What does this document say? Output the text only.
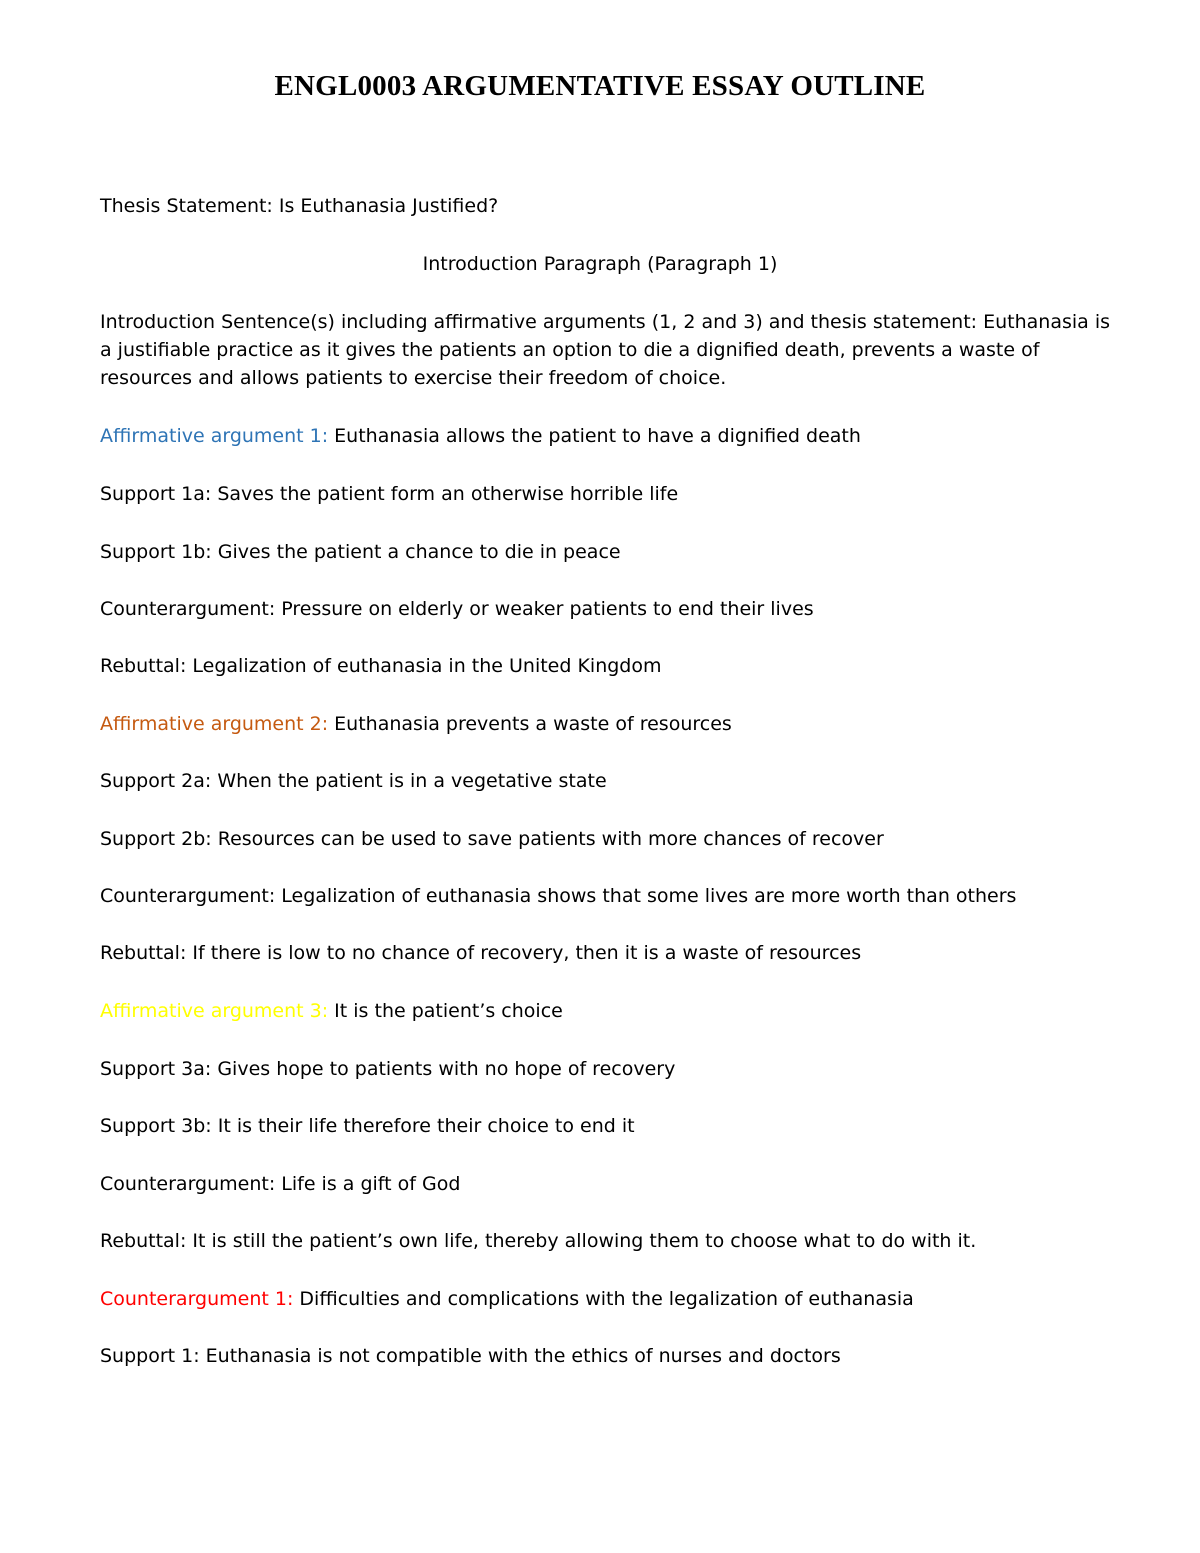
ENGL0003 ARGUMENTATIVE ESSAY OUTLINE
Thesis Statement: Is Euthanasia Justified?
Introduction Paragraph (Paragraph 1)
Introduction Sentence(s) including affirmative arguments (1, 2 and 3) and thesis statement: Euthanasia is a justifiable practice as it gives the patients an option to die a dignified death, prevents a waste of resources and allows patients to exercise their freedom of choice.
Affirmative argument 1: Euthanasia allows the patient to have a dignified death
Support 1a: Saves the patient form an otherwise horrible life
Support 1b: Gives the patient a chance to die in peace
Counterargument: Pressure on elderly or weaker patients to end their lives
Rebuttal: Legalization of euthanasia in the United Kingdom
Affirmative argument 2: Euthanasia prevents a waste of resources
Support 2a: When the patient is in a vegetative state
Support 2b: Resources can be used to save patients with more chances of recover
Counterargument: Legalization of euthanasia shows that some lives are more worth than others
Rebuttal: If there is low to no chance of recovery, then it is a waste of resources
Affirmative argument 3: It is the patient’s choice
Support 3a: Gives hope to patients with no hope of recovery
Support 3b: It is their life therefore their choice to end it
Counterargument: Life is a gift of God
Rebuttal: It is still the patient’s own life, thereby allowing them to choose what to do with it.
Counterargument 1: Difficulties and complications with the legalization of euthanasia
Support 1: Euthanasia is not compatible with the ethics of nurses and doctors
